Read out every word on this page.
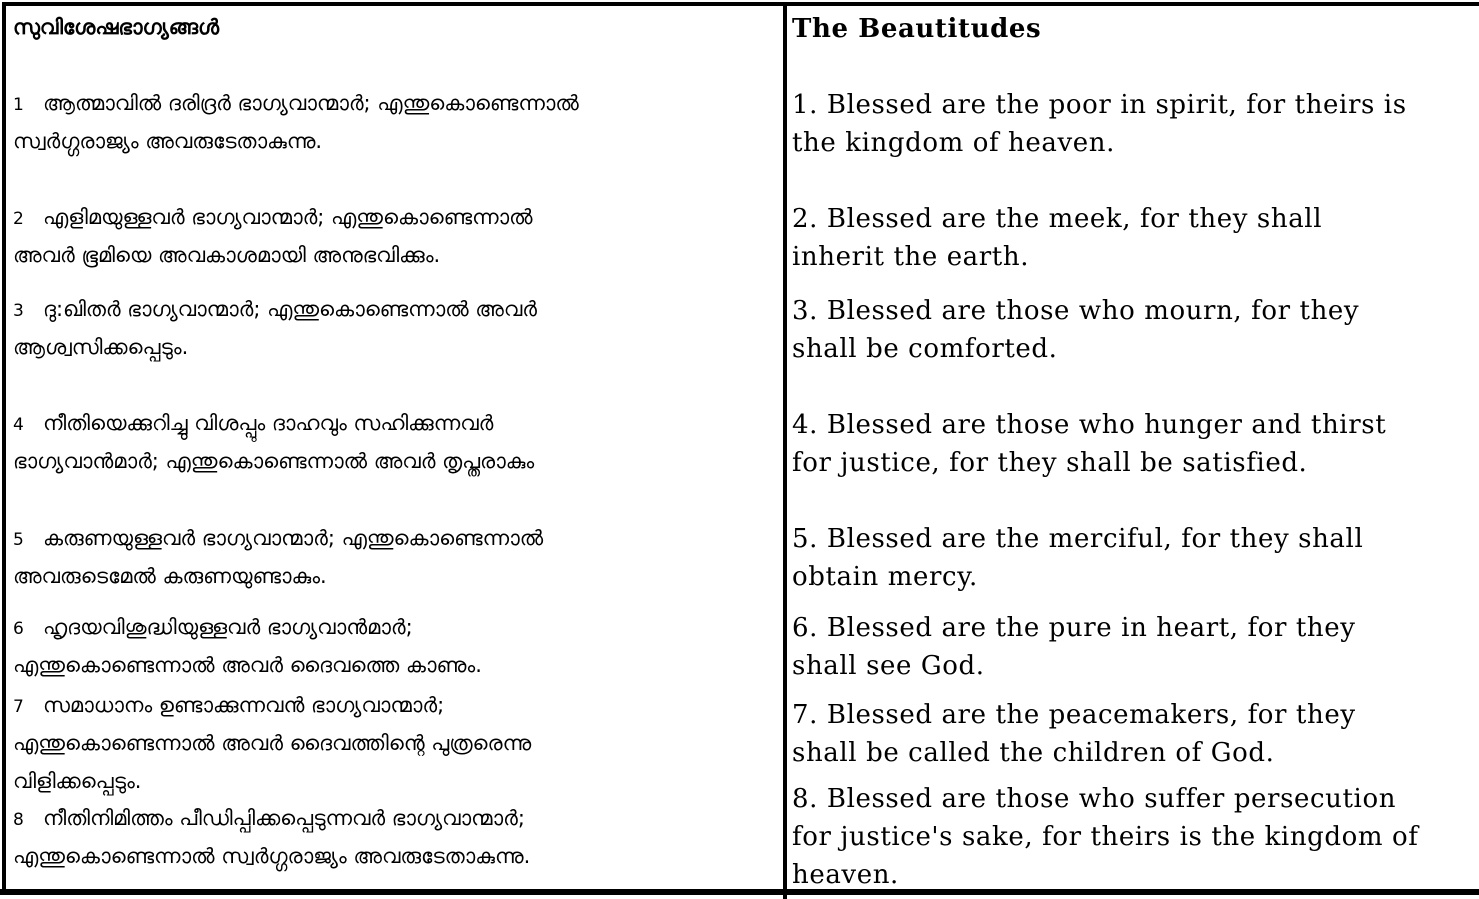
സുവിശേഷഭാഗ്യങ്ങൾ
1 ആത്മാവിൽ ദരിദ്രർ ഭാഗ്യവാന്മാർ; എന്തുകൊണ്ടെന്നാൽ
സ്വർഗ്ഗരാജ്യം അവരുടേതാകുന്നു.
2 എളിമയുള്ളവർ ഭാഗ്യവാന്മാർ; എന്തുകൊണ്ടെന്നാൽ
അവർ ഭൂമിയെ അവകാശമായി അനുഭവിക്കും.
3 ദു:ഖിതർ ഭാഗ്യവാന്മാർ; എന്തുകൊണ്ടെന്നാൽ അവർ
ആശ്വസിക്കപ്പെടും.
4 നീതിയെക്കുറിച്ചു വിശപ്പും ദാഹവും സഹിക്കുന്നവർ
ഭാഗ്യവാൻമാർ; എന്തുകൊണ്ടെന്നാൽ അവർ തൃപ്തരാകും
5 കരുണയുള്ളവർ ഭാഗ്യവാന്മാർ; എന്തുകൊണ്ടെന്നാൽ
അവരുടെമേൽ കരുണയുണ്ടാകും.
6 ഹൃദയവിശുദ്ധിയുള്ളവർ ഭാഗ്യവാൻമാർ;
എന്തുകൊണ്ടെന്നാൽ അവർ ദൈവത്തെ കാണും.
7 സമാധാനം ഉണ്ടാക്കുന്നവൻ ഭാഗ്യവാന്മാർ;
എന്തുകൊണ്ടെന്നാൽ അവർ ദൈവത്തിന്റെ പുത്രരെന്നു
വിളിക്കപ്പെടും.
8 നീതിനിമിത്തം പീഡിപ്പിക്കപ്പെടുന്നവർ ഭാഗ്യവാന്മാർ;
എന്തുകൊണ്ടെന്നാൽ സ്വർഗ്ഗരാജ്യം അവരുടേതാകുന്നു.
The Beautitudes
1. Blessed are the poor in spirit, for theirs is
the kingdom of heaven.
2. Blessed are the meek, for they shall
inherit the earth.
3. Blessed are those who mourn, for they
shall be comforted.
4. Blessed are those who hunger and thirst
for justice, for they shall be satisfied.
5. Blessed are the merciful, for they shall
obtain mercy.
6. Blessed are the pure in heart, for they
shall see God.
7. Blessed are the peacemakers, for they
shall be called the children of God.
8. Blessed are those who suffer persecution
for justice's sake, for theirs is the kingdom of
heaven.
